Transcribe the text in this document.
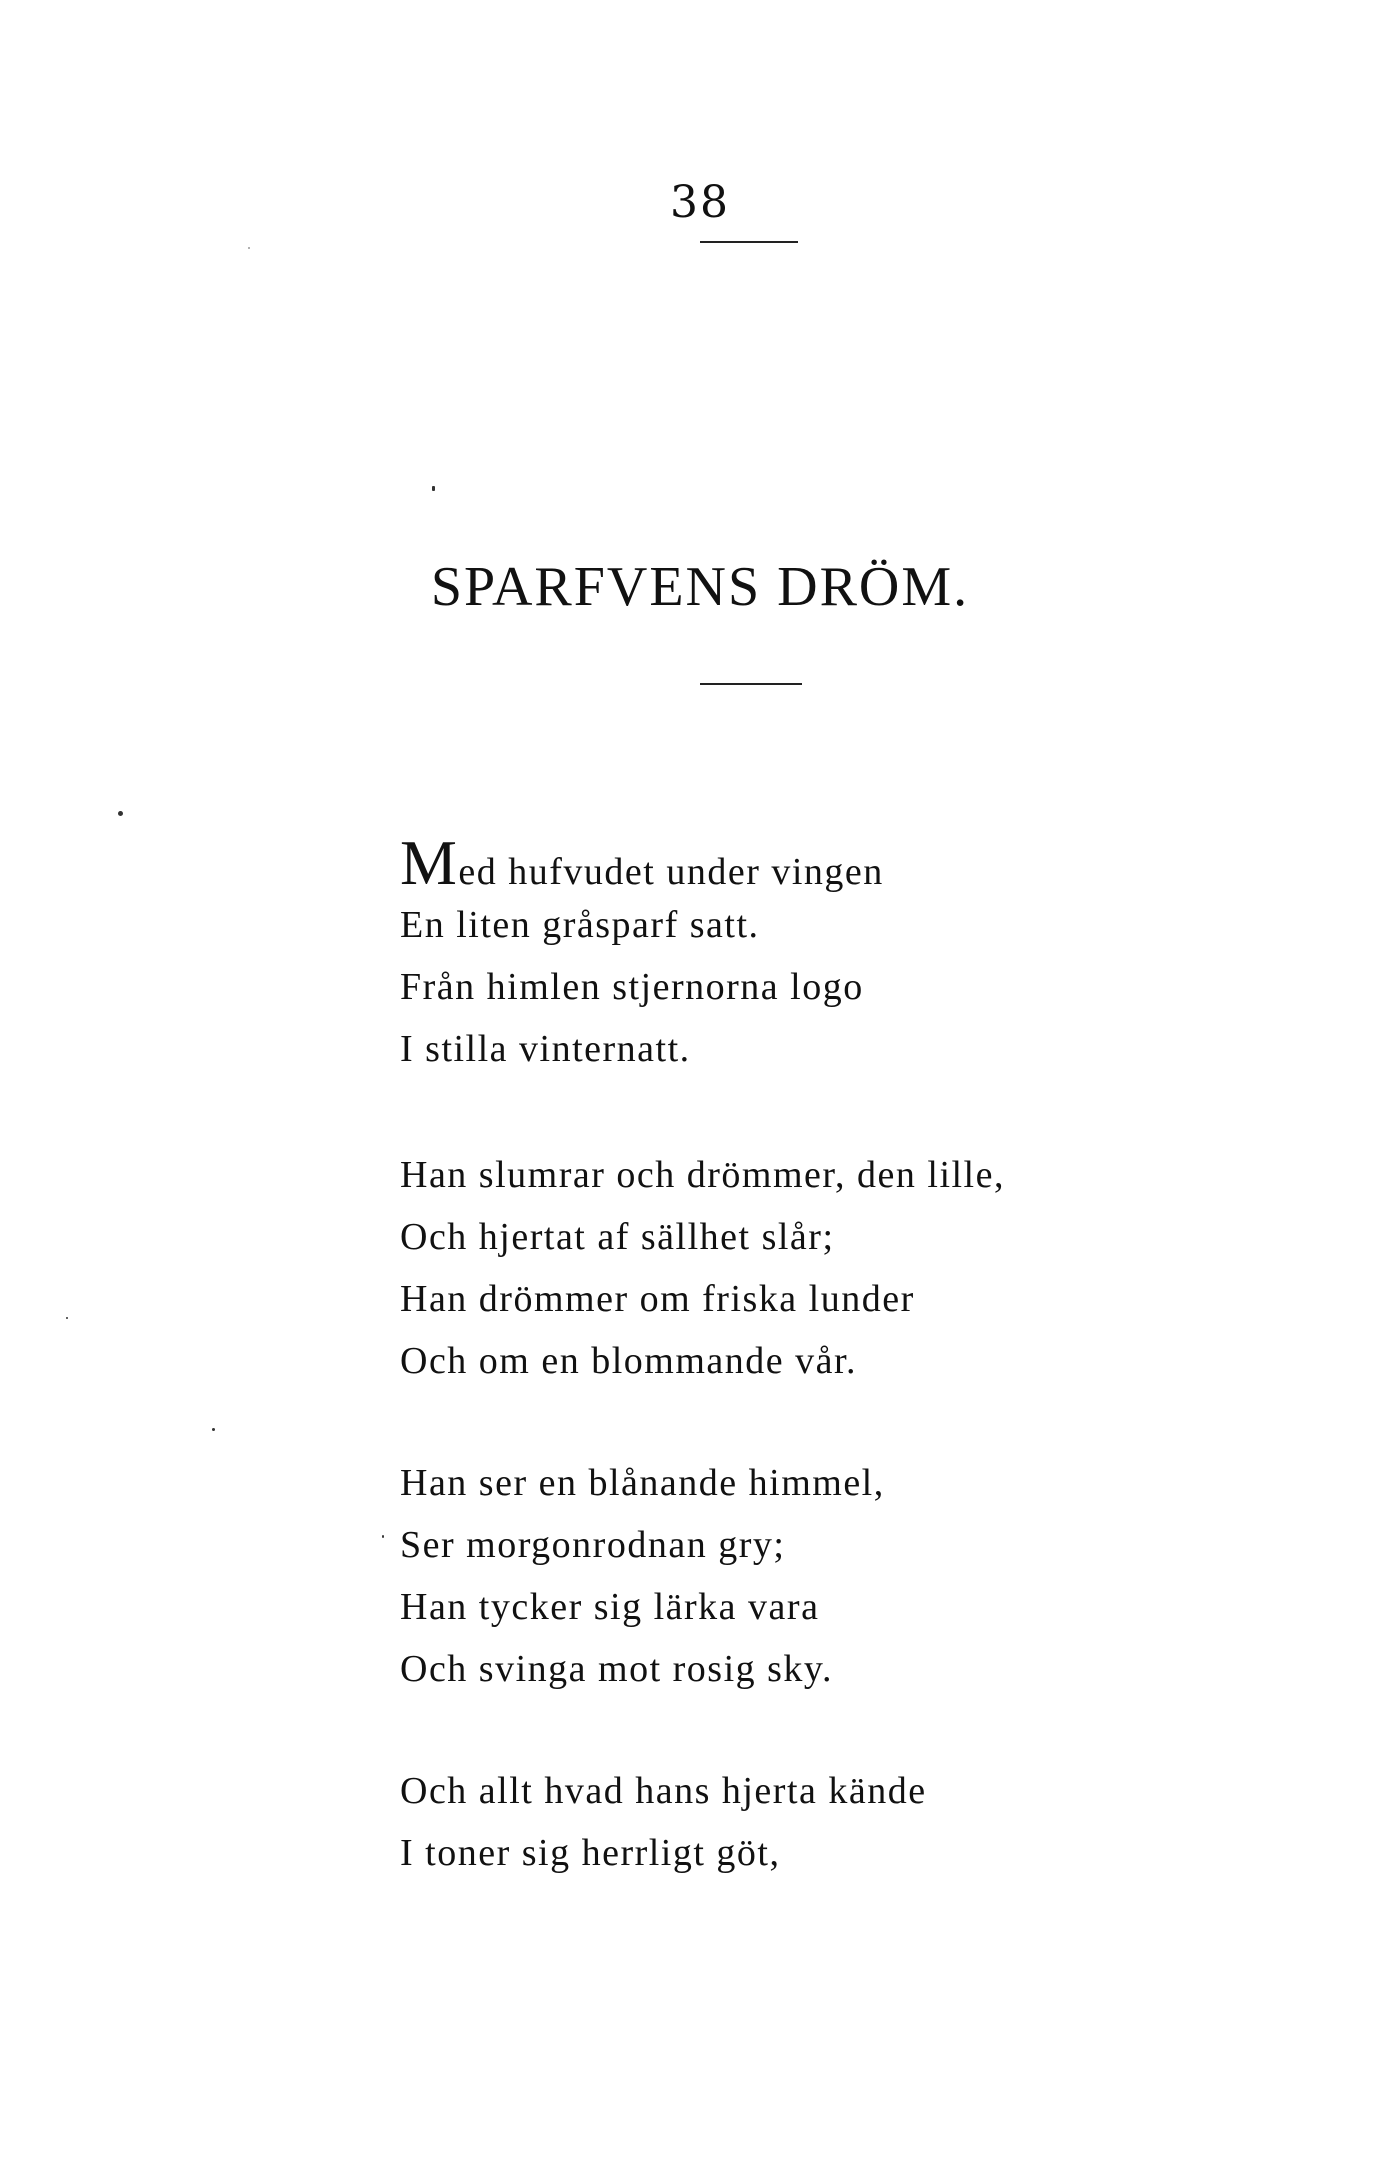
38
SPARFVENS DRÖM.
Med hufvudet under vingen
En liten gråsparf satt.
Från himlen stjernorna logo
I stilla vinternatt.
Han slumrar och drömmer, den lille,
Och hjertat af sällhet slår;
Han drömmer om friska lunder
Och om en blommande vår.
Han ser en blånande himmel,
Ser morgonrodnan gry;
Han tycker sig lärka vara
Och svinga mot rosig sky.
Och allt hvad hans hjerta kände
I toner sig herrligt göt,
